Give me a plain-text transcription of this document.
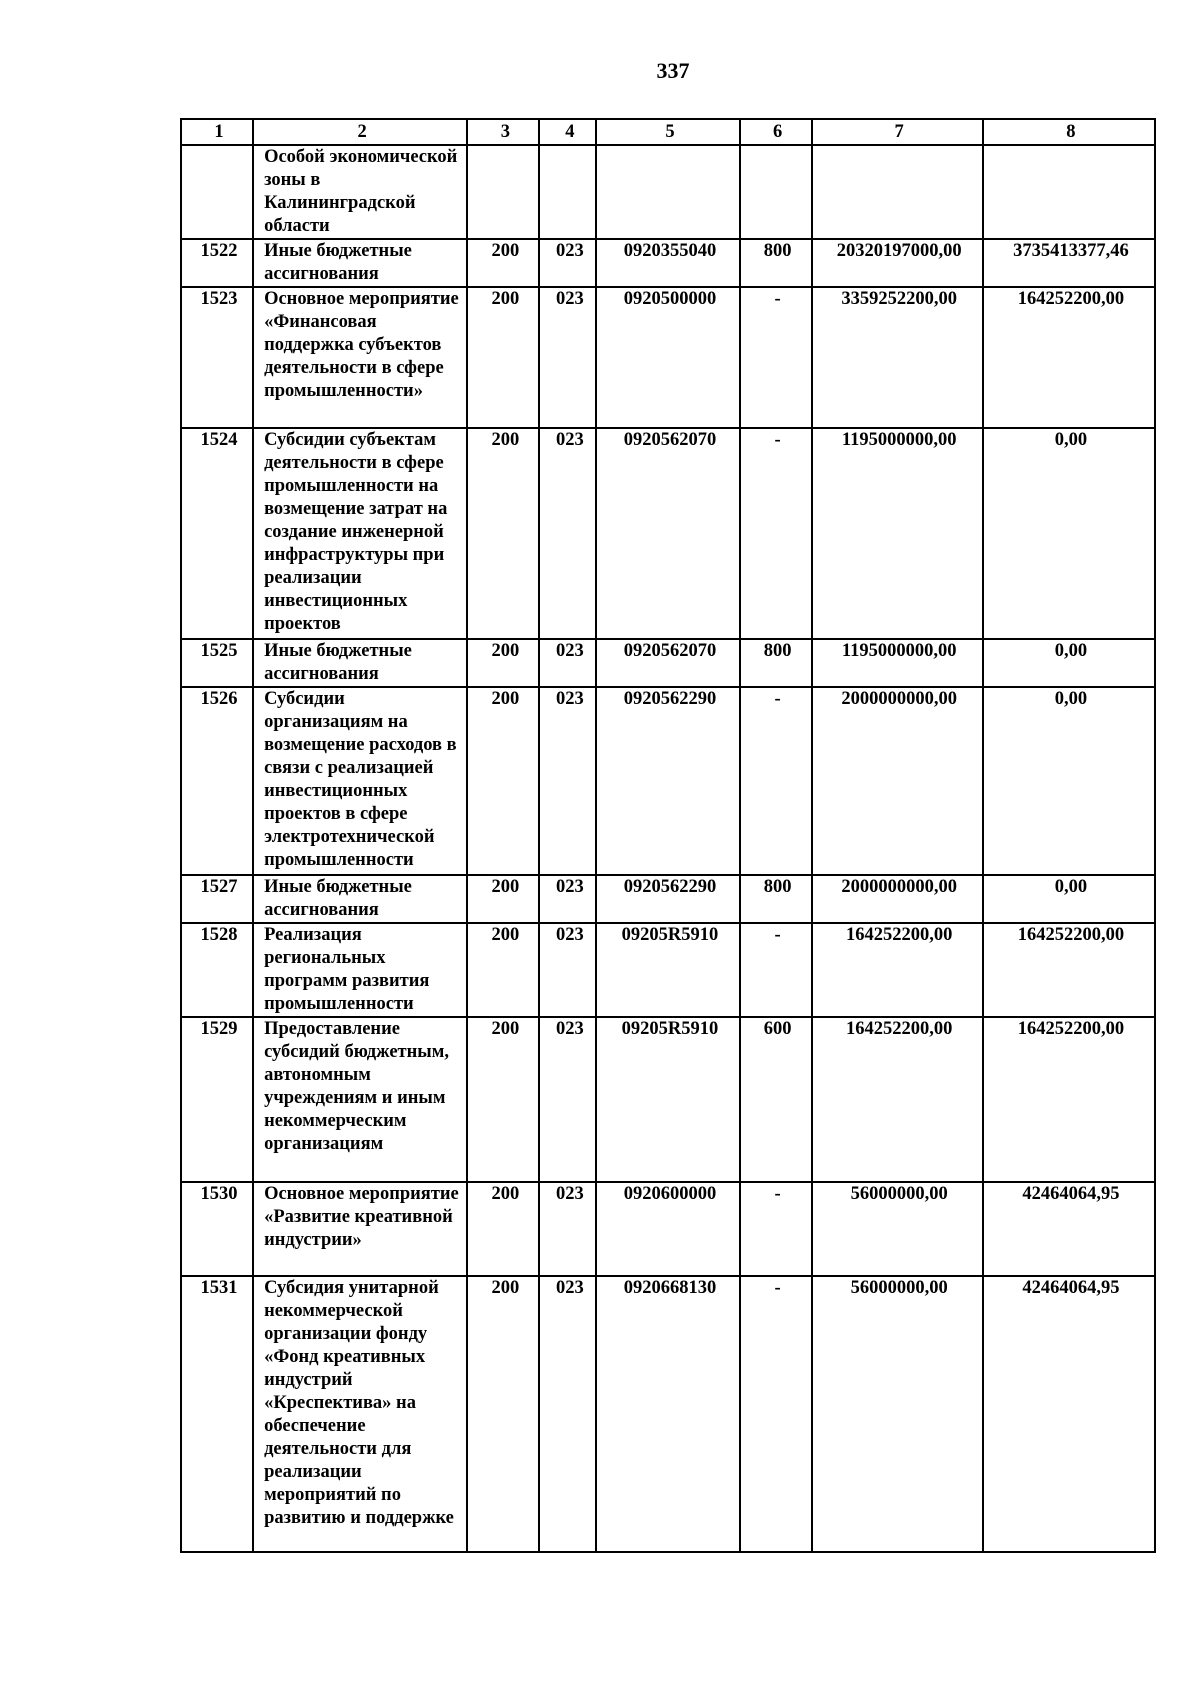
337
1	2	3	4	5	6	7	8
	Особой экономической зоны в Калининградской области						
1522	Иные бюджетные ассигнования	200	023	0920355040	800	20320197000,00	3735413377,46
1523	Основное мероприятие «Финансовая поддержка субъектов деятельности в сфере промышленности»	200	023	0920500000	-	3359252200,00	164252200,00
1524	Субсидии субъектам деятельности в сфере промышленности на возмещение затрат на создание инженерной инфраструктуры при реализации инвестиционных проектов	200	023	0920562070	-	1195000000,00	0,00
1525	Иные бюджетные ассигнования	200	023	0920562070	800	1195000000,00	0,00
1526	Субсидии организациям на возмещение расходов в связи с реализацией инвестиционных проектов в сфере электротехнической промышленности	200	023	0920562290	-	2000000000,00	0,00
1527	Иные бюджетные ассигнования	200	023	0920562290	800	2000000000,00	0,00
1528	Реализация региональных программ развития промышленности	200	023	09205R5910	-	164252200,00	164252200,00
1529	Предоставление субсидий бюджетным, автономным учреждениям и иным некоммерческим организациям	200	023	09205R5910	600	164252200,00	164252200,00
1530	Основное мероприятие «Развитие креативной индустрии»	200	023	0920600000	-	56000000,00	42464064,95
1531	Субсидия унитарной некоммерческой организации фонду «Фонд креативных индустрий «Креспектива» на обеспечение деятельности для реализации мероприятий по развитию и поддержке	200	023	0920668130	-	56000000,00	42464064,95
